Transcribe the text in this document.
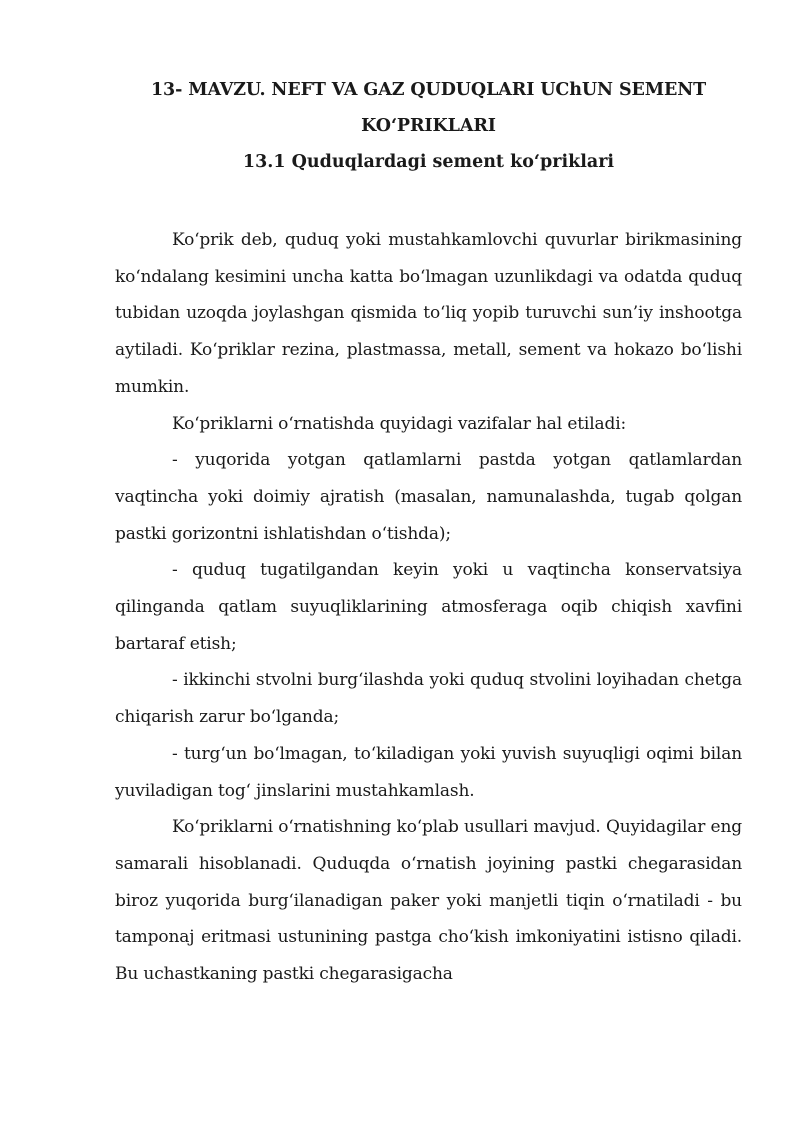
13- MAVZU. NEFT VA GAZ QUDUQLARI UChUN SEMENT

KO‘PRIKLARI

13.1 Quduqlardagi sement ko‘priklari

Ko‘prik deb, quduq yoki mustahkamlovchi quvurlar birikmasining ko‘ndalang kesimini uncha katta bo‘lmagan uzunlikdagi va odatda quduq tubidan uzoqda joylashgan qismida to‘liq yopib turuvchi sun’iy inshootga aytiladi. Ko‘priklar rezina, plastmassa, metall, sement va hokazo bo‘lishi mumkin.

Ko‘priklarni o‘rnatishda quyidagi vazifalar hal etiladi:

- yuqorida yotgan qatlamlarni pastda yotgan qatlamlardan vaqtincha yoki doimiy ajratish (masalan, namunalashda, tugab qolgan pastki gorizontni ishlatishdan o‘tishda);

- quduq tugatilgandan keyin yoki u vaqtincha konservatsiya qilinganda qatlam suyuqliklarining atmosferaga oqib chiqish xavfini bartaraf etish;

- ikkinchi stvolni burg‘ilashda yoki quduq stvolini loyihadan chetga chiqarish zarur bo‘lganda;

- turg‘un bo‘lmagan, to‘kiladigan yoki yuvish suyuqligi oqimi bilan yuviladigan tog‘ jinslarini mustahkamlash.

Ko‘priklarni o‘rnatishning ko‘plab usullari mavjud. Quyidagilar eng samarali hisoblanadi. Quduqda o‘rnatish joyining pastki chegarasidan biroz yuqorida burg‘ilanadigan paker yoki manjetli tiqin o‘rnatiladi - bu tamponaj eritmasi ustunining pastga cho‘kish imkoniyatini istisno qiladi. Bu uchastkaning pastki chegarasigacha
